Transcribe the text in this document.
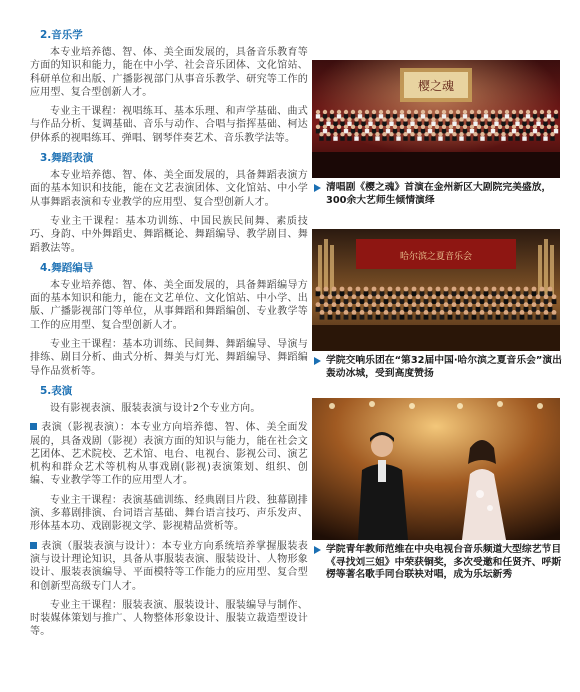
2.音乐学

本专业培养德、智、体、美全面发展的，具备音乐教育等方面的知识和能力，能在中小学、社会音乐团体、文化馆站、科研单位和出版、广播影视部门从事音乐教学、研究等工作的应用型、复合型创新人才。

专业主干课程：视唱练耳、基本乐理、和声学基础、曲式与作品分析、复调基础、音乐与动作、合唱与指挥基础、柯达伊体系的视唱练耳、弹唱、钢琴伴奏艺术、音乐教学法等。

3.舞蹈表演

本专业培养德、智、体、美全面发展的，具备舞蹈表演方面的基本知识和技能，能在文艺表演团体、文化馆站、中小学从事舞蹈表演和专业教学的应用型、复合型创新人才。

专业主干课程：基本功训练、中国民族民间舞、素质技巧、身韵、中外舞蹈史、舞蹈概论、舞蹈编导、教学剧目、舞蹈教法等。

4.舞蹈编导

本专业培养德、智、体、美全面发展的，具备舞蹈编导方面的基本知识和能力，能在文艺单位、文化馆站、中小学、出版、广播影视部门等单位，从事舞蹈和舞蹈编创、专业教学等工作的应用型、复合型创新人才。

专业主干课程：基本功训练、民间舞、舞蹈编导、导演与排练、剧目分析、曲式分析、舞美与灯光、舞蹈编导、舞蹈编导作品赏析等。

5.表演

设有影视表演、服装表演与设计2个专业方向。

表演（影视表演）：本专业方向培养德、智、体、美全面发展的，具备戏剧（影视）表演方面的知识与能力，能在社会文艺团体、艺术院校、艺术馆、电台、电视台、影视公司、演艺机构和群众艺术等机构从事戏剧(影视)表演策划、组织、创编、专业教学等工作的应用型人才。

专业主干课程：表演基础训练、经典剧目片段、独幕剧排演、多幕剧排演、台词语言基础、舞台语言技巧、声乐发声、形体基本功、戏剧影视文学、影视精品赏析等。

表演（服装表演与设计）：本专业方向系统培养掌握服装表演与设计理论知识，具备从事服装表演、服装设计、人物形象设计、服装表演编导、平面模特等工作能力的应用型、复合型和创新型高级专门人才。

专业主干课程：服装表演、服装设计、服装编导与制作、时装媒体策划与推广、人物整体形象设计、服装立裁造型设计等。

樱之魂
清唱剧《樱之魂》首演在金州新区大剧院完美盛放，300余大艺师生倾情演绎
哈尔滨之夏音乐会
学院交响乐团在“第32届中国·哈尔滨之夏音乐会”演出轰动冰城，受到高度赞扬
学院青年教师范维在中央电视台音乐频道大型综艺节目《寻找刘三姐》中荣获铜奖，多次受邀和任贤齐、呼斯楞等著名歌手同台联袂对唱，成为乐坛新秀
